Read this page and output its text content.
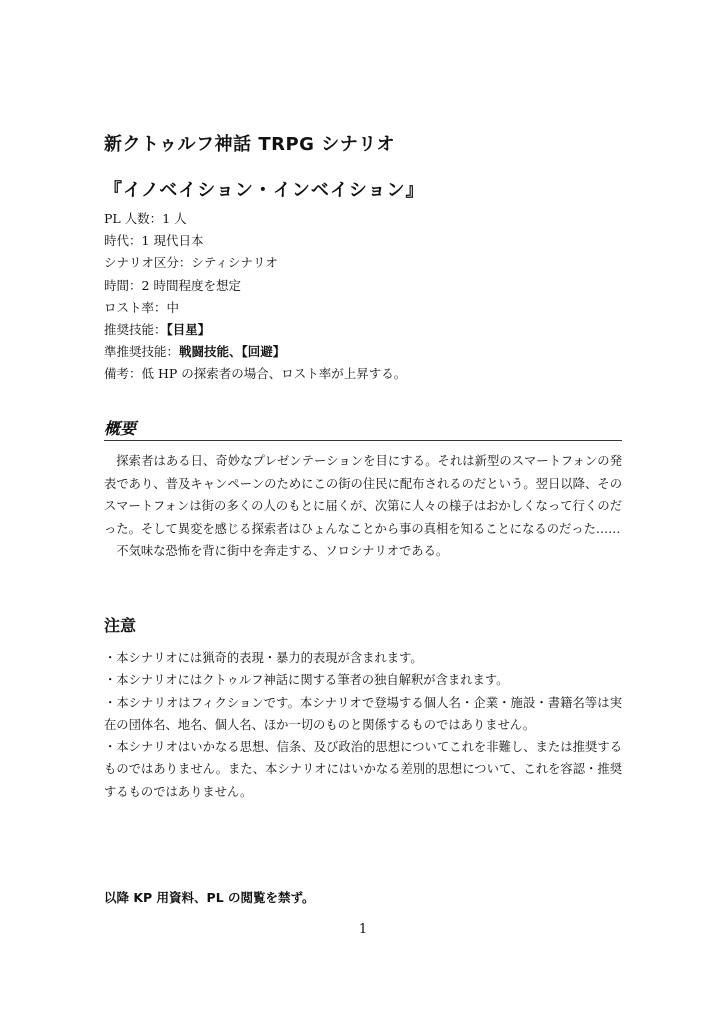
新クトゥルフ神話 TRPG シナリオ
『イノベイション・インベイション』
PL 人数：1 人
時代：1 現代日本
シナリオ区分：シティシナリオ
時間：2 時間程度を想定
ロスト率：中
推奨技能：【目星】
準推奨技能：戦闘技能、【回避】
備考：低 HP の探索者の場合、ロスト率が上昇する。
概要

探索者はある日、奇妙なプレゼンテーションを目にする。それは新型のスマートフォンの発表であり、普及キャンペーンのためにこの街の住民に配布されるのだという。翌日以降、そのスマートフォンは街の多くの人のもとに届くが、次第に人々の様子はおかしくなって行くのだった。そして異変を感じる探索者はひょんなことから事の真相を知ることになるのだった……

不気味な恐怖を背に街中を奔走する、ソロシナリオである。

注意

・本シナリオには猟奇的表現・暴力的表現が含まれます。

・本シナリオにはクトゥルフ神話に関する筆者の独自解釈が含まれます。

・本シナリオはフィクションです。本シナリオで登場する個人名・企業・施設・書籍名等は実在の団体名、地名、個人名、ほか一切のものと関係するものではありません。

・本シナリオはいかなる思想、信条、及び政治的思想についてこれを非難し、または推奨するものではありません。また、本シナリオにはいかなる差別的思想について、これを容認・推奨するものではありません。

以降 KP 用資料、PL の閲覧を禁ず。
1
